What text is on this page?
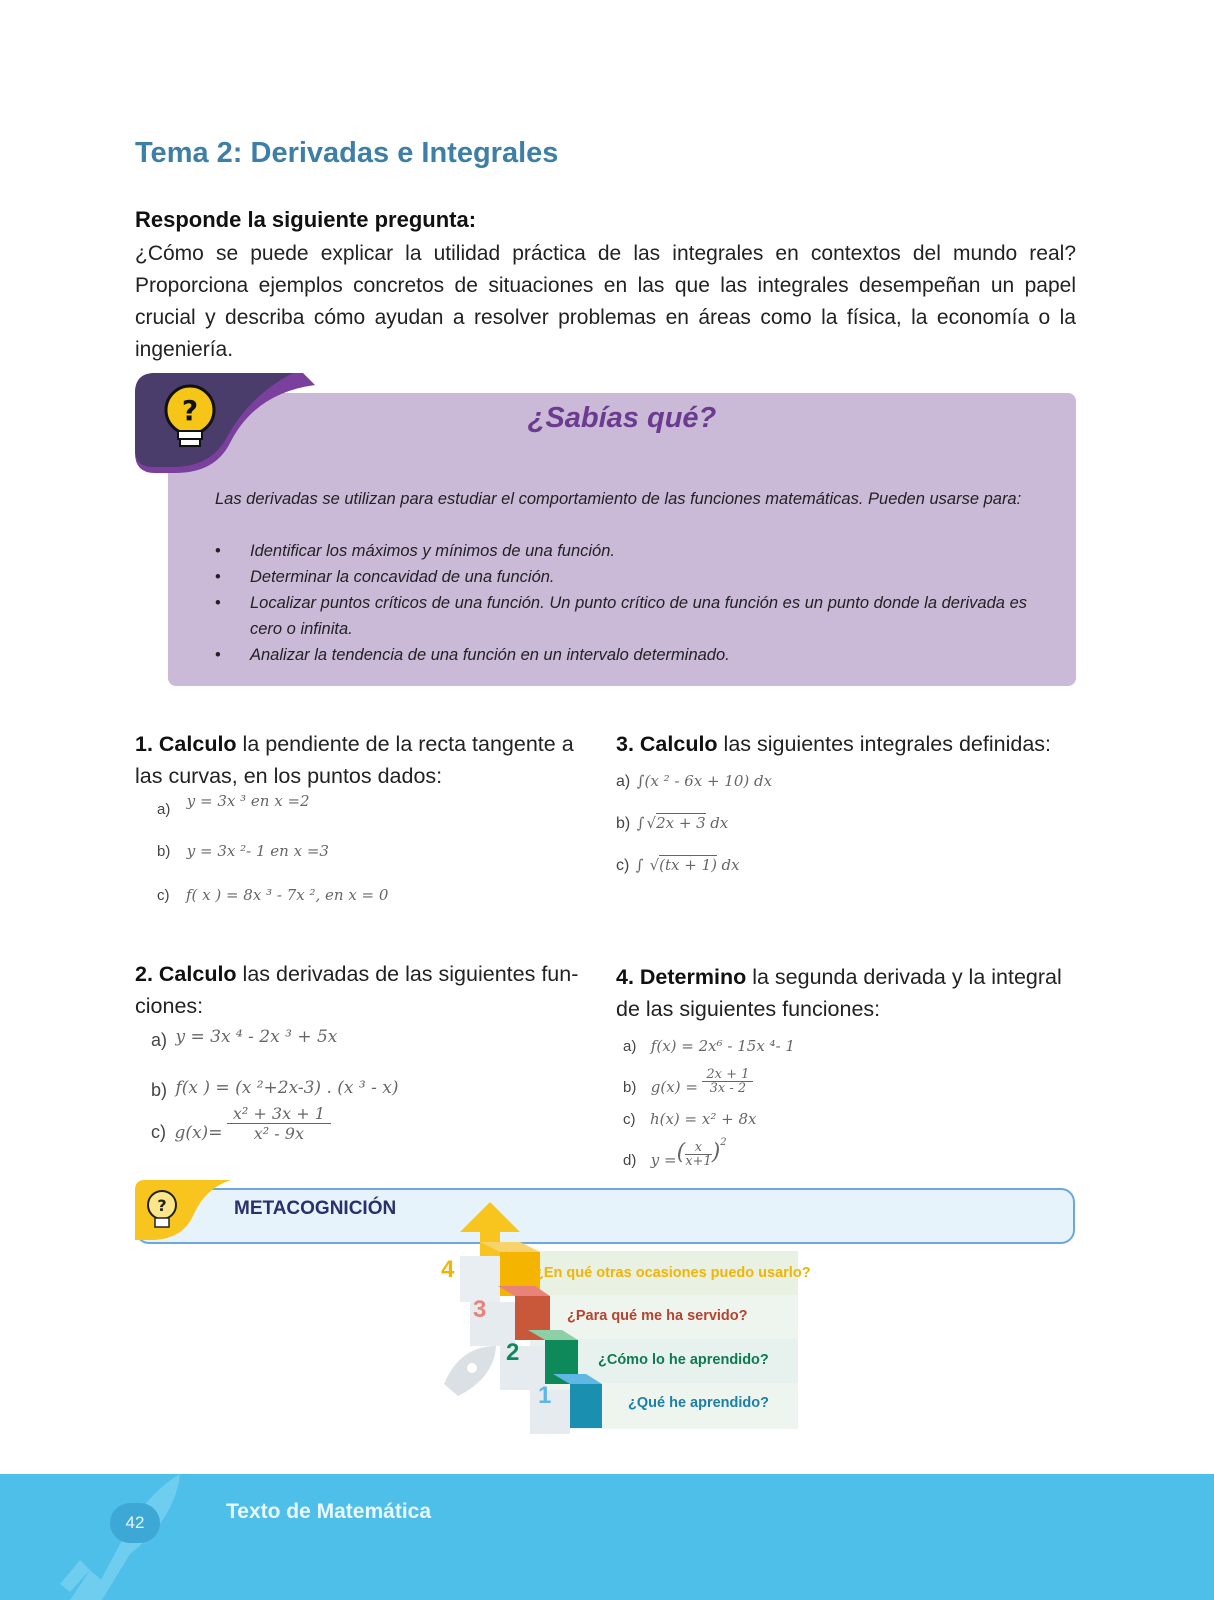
Tema 2: Derivadas e Integrales
Responde la siguiente pregunta:
¿Cómo se puede explicar la utilidad práctica de las integrales en contextos del mundo real? Proporciona ejemplos concretos de situaciones en las que las integrales desempeñan un papel crucial y describa cómo ayudan a resolver problemas en áreas como la física, la economía o la ingeniería.
?	¿Sabías qué?
Las derivadas se utilizan para estudiar el comportamiento de las funciones matemáticas. Pueden usarse para:
• Identificar los máximos y mínimos de una función.
• Determinar la concavidad de una función.
• Localizar puntos críticos de una función. Un punto crítico de una función es un punto donde la derivada es cero o infinita.
• Analizar la tendencia de una función en un intervalo determinado.
1. Calculo la pendiente de la recta tangente a las curvas, en los puntos dados:
a) y = 3x ³ en x =2
b) y = 3x ²- 1 en x =3
c) f( x ) = 8x ³ - 7x ², en x = 0
2. Calculo las derivadas de las siguientes fun-ciones:
a) y = 3x ⁴ - 2x ³ + 5x
b) f(x ) = (x ²+2x-3) . (x ³ - x)
c) $g(x)= \frac{\text{x² + 3x + 1}}{\text{x² - 9x}}$
3. Calculo las siguientes integrales definidas:
a) ∫(x ² - 6x + 10) dx
b) ∫ √2x + 3 dx
c) ∫ √(tx + 1) dx
4. Determino la segunda derivada y la integral de las siguientes funciones:
a) f(x) = 2x⁶ - 15x ⁴- 1
b) $g(x) = \frac{2x + 1}{3x - 2}$
c) h(x) = x² + 8x
d) y =( $\frac{x}{x+1} )^2$
?	METACOGNICIÓN
4
3
2
1
¿En qué otras ocasiones puedo usarlo?
¿Para qué me ha servido?
¿Cómo lo he aprendido?
¿Qué he aprendido?
42	Texto de Matemática
